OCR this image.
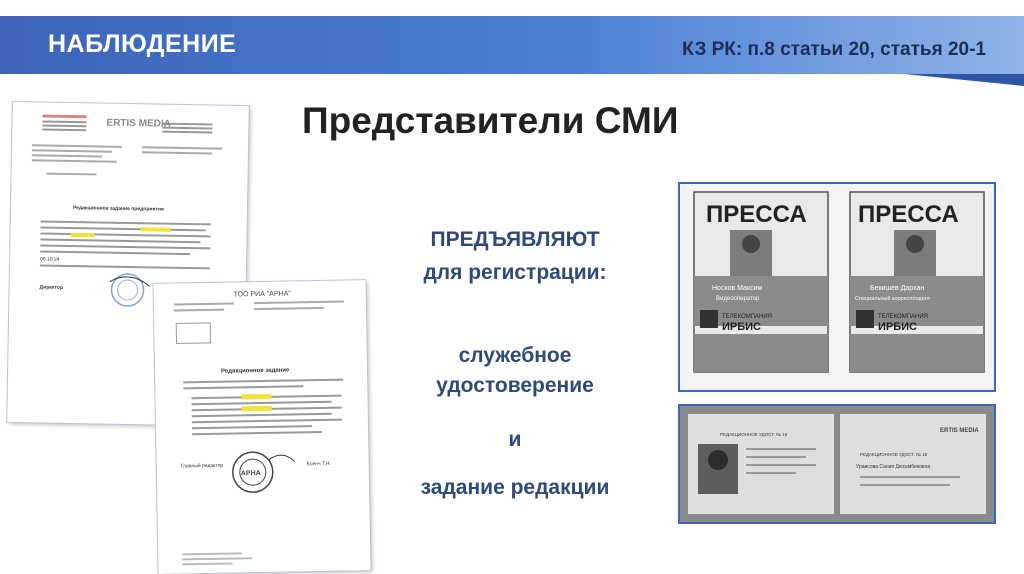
НАБЛЮДЕНИЕ	КЗ РК: п.8 статьи 20, статья 20-1
Представители СМИ
ПРЕДЪЯВЛЯЮТ
для регистрации:
служебное
удостоверение
и
задание редакции
ERTIS MEDIA
Редакционное задание предприятия
06.10.24
Директор
ТОО РИА "АРНА"
Редакционное задание
АРНА
Главный редактор	Есенч Т.Н.
ПРЕССА
Носков Максим
Видеооператор
ТЕЛЕКОМПАНИЯ
ИРБИС
ПРЕССА
Бекишев Дархан
Специальный корреспондент
ТЕЛЕКОМПАНИЯ
ИРБИС
РЕДАКЦИОННОЕ УДОСТ. № 18
ERTIS MEDIA
РЕДАКЦИОННОЕ УДОСТ. № 18
Ураисова Сания Дюсембековна
